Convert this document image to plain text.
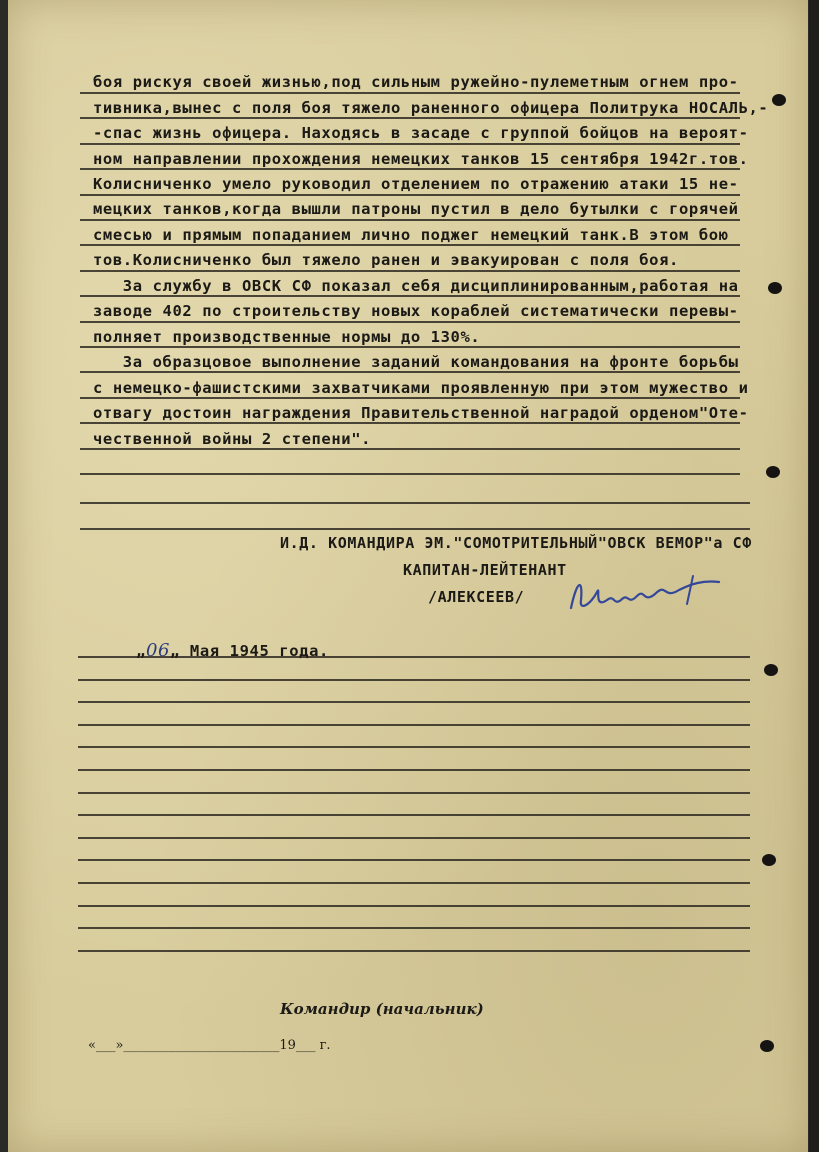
боя рискуя своей жизнью,под сильным ружейно-пулеметным огнем про-
тивника,вынес с поля боя тяжело раненного офицера Политрука НОСАЛЬ,-
-спас жизнь офицера. Находясь в засаде с группой бойцов на вероят-
ном направлении прохождения немецких танков 15 сентября 1942г.тов.
Колисниченко умело руководил отделением по отражению атаки 15 не-
мецких танков,когда вышли патроны пустил в дело бутылки с горячей
смесью и прямым попаданием лично поджег немецкий танк.В этом бою
тов.Колисниченко был тяжело ранен и эвакуирован с поля боя.
За службу в ОВСК СФ показал себя дисциплинированным,работая на
заводе 402 по строительству новых кораблей систематически перевы-
полняет производственные нормы до 130%.
За образцовое выполнение заданий командования на фронте борьбы
с немецко-фашистскими захватчиками проявленную при этом мужество и
отвагу достоин награждения Правительственной наградой орденом"Оте-
чественной войны 2 степени".
И.Д. КОМАНДИРА ЭМ."СОМОТРИТЕЛЬНЫЙ"ОВСК ВЕМОР"а СФ
КАПИТАН-ЛЕЙТЕНАНТ
/АЛЕКСЕЕВ/
„06„ Мая 1945 года.
Командир (начальник)
«___»________________________19___ г.
